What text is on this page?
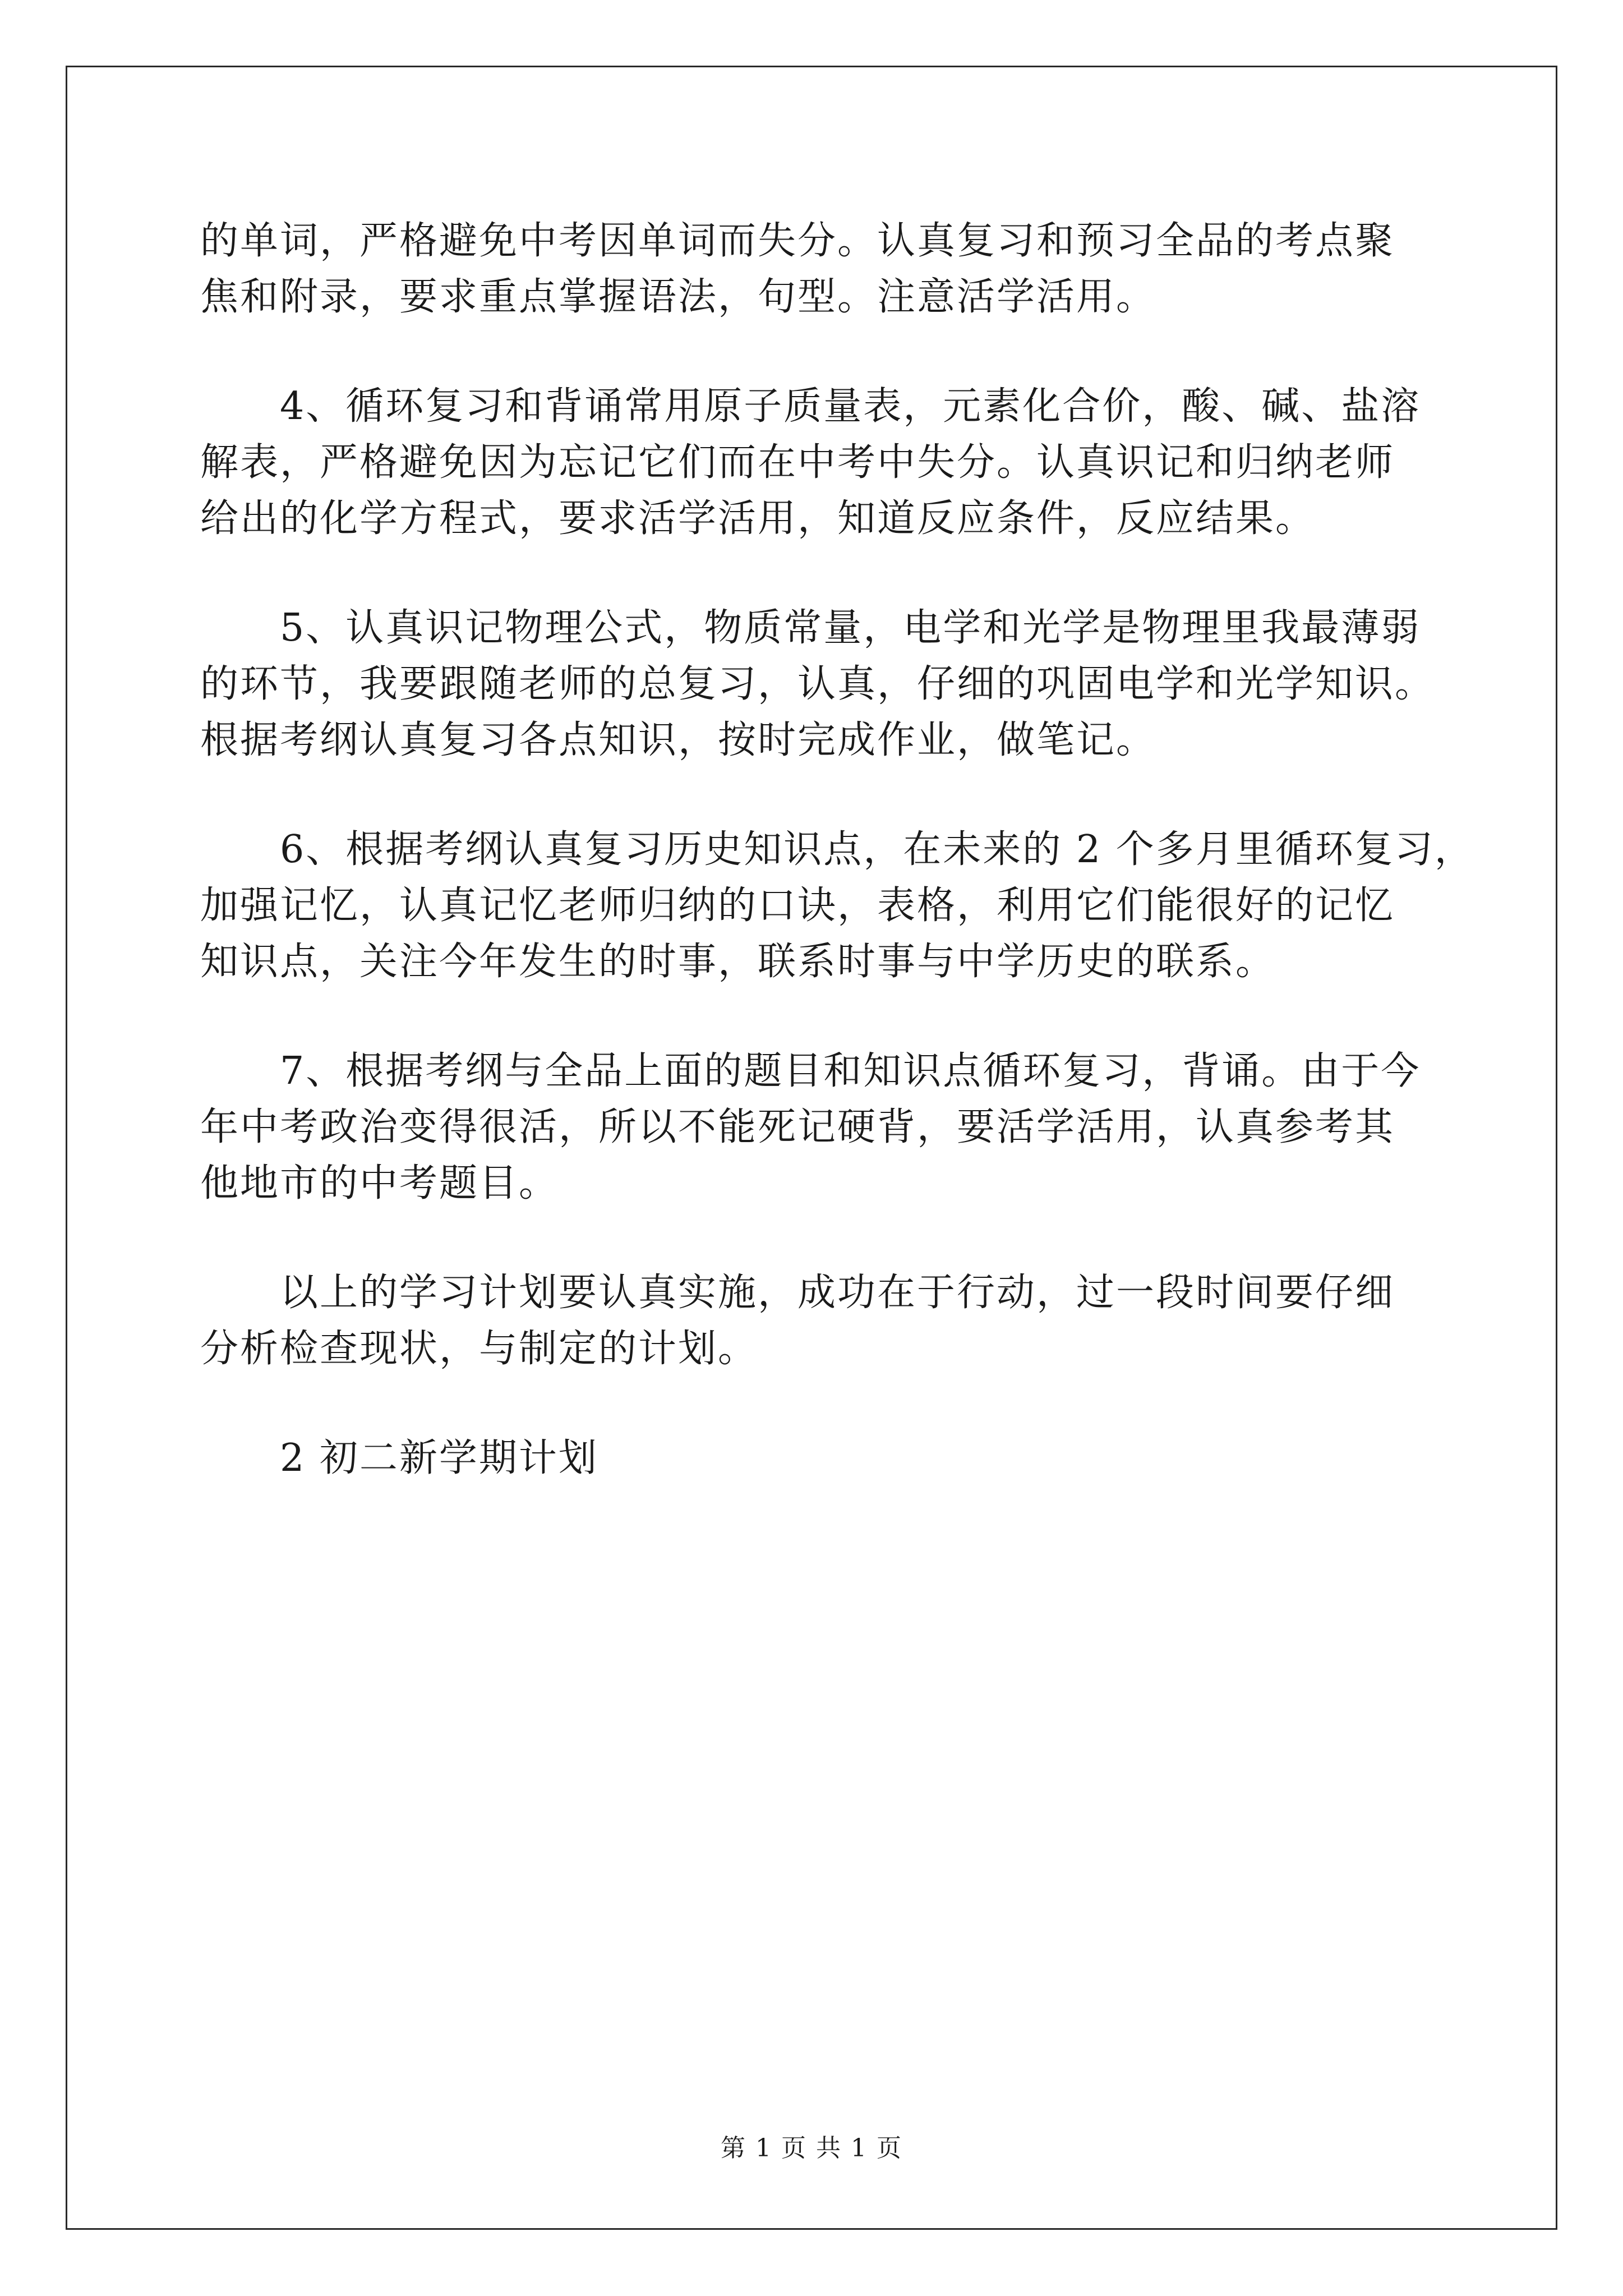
的单词，严格避免中考因单词而失分。认真复习和预习全品的考点聚

焦和附录，要求重点掌握语法，句型。注意活学活用。

4、循环复习和背诵常用原子质量表，元素化合价，酸、碱、盐溶

解表，严格避免因为忘记它们而在中考中失分。认真识记和归纳老师

给出的化学方程式，要求活学活用，知道反应条件，反应结果。

5、认真识记物理公式，物质常量，电学和光学是物理里我最薄弱

的环节，我要跟随老师的总复习，认真，仔细的巩固电学和光学知识。

根据考纲认真复习各点知识，按时完成作业，做笔记。

6、根据考纲认真复习历史知识点，在未来的 2 个多月里循环复习，

加强记忆，认真记忆老师归纳的口诀，表格，利用它们能很好的记忆

知识点，关注今年发生的时事，联系时事与中学历史的联系。

7、根据考纲与全品上面的题目和知识点循环复习，背诵。由于今

年中考政治变得很活，所以不能死记硬背，要活学活用，认真参考其

他地市的中考题目。

以上的学习计划要认真实施，成功在于行动，过一段时间要仔细

分析检查现状，与制定的计划。

2 初二新学期计划

第 1 页 共 1 页
